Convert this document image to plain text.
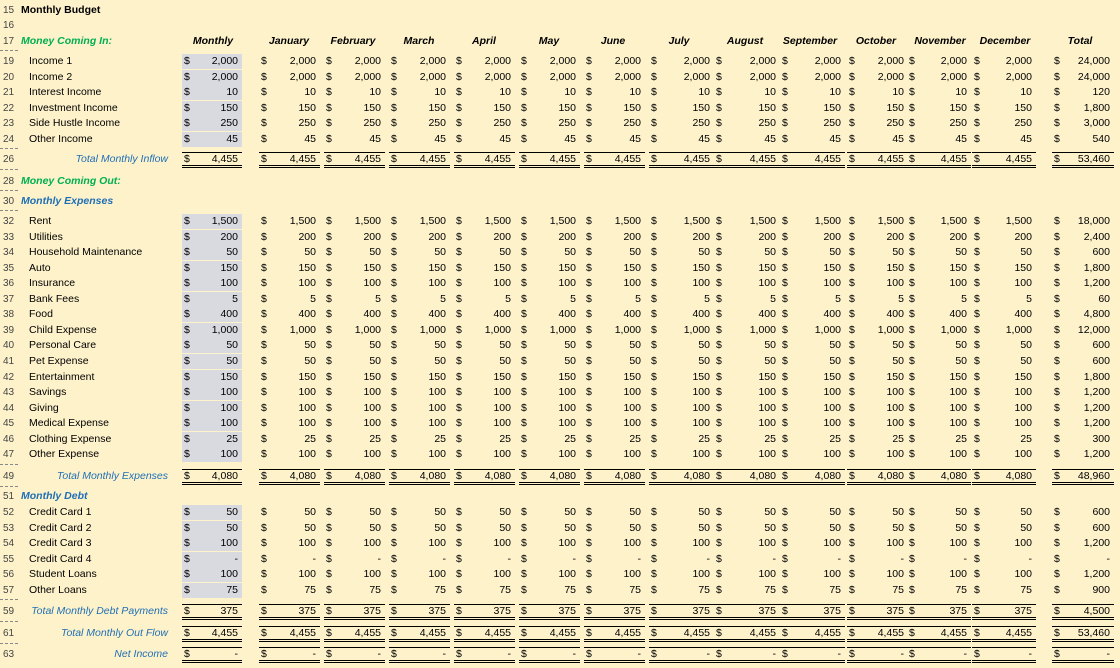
15 Monthly Budget
16
17 Money Coming In:	Monthly	January	February	March	April	May	June	July	August	September	October	November	December	Total
19	Income 1	$ 2,000 $ 2,000 $ 2,000 $ 2,000 $ 2,000 $ 2,000 $ 2,000 $	2,000 $	2,000 $	2,000 $ 2,000 $ 2,000 $ 2,000 $ 24,000
20	Income 2	$ 2,000 $ 2,000 $ 2,000 $ 2,000 $ 2,000 $ 2,000 $ 2,000 $	2,000 $	2,000 $	2,000 $ 2,000 $ 2,000 $ 2,000 $ 24,000
21	Interest Income	$	10 $	10 $	10 $	10 $	10 $	10 $	10 $	10 $	10 $	10 $	10 $	10 $	10 $	120
22	Investment Income	$	150 $	150 $	150 $	150 $	150 $	150 $	150 $	150 $	150 $	150 $	150 $	150 $	150 $ 1,800
23	Side Hustle Income	$	250 $	250 $	250 $	250 $	250 $	250 $	250 $	250 $	250 $	250 $	250 $	250 $	250 $ 3,000
24	Other Income	$	45 $	45 $	45 $	45 $	45 $	45 $	45 $	45 $	45 $	45 $	45 $	45 $	45 $	540
26	Total Monthly Inflow $ 4,455 $ 4,455 $ 4,455 $ 4,455 $ 4,455 $ 4,455 $ 4,455 $	4,455 $	4,455 $	4,455 $ 4,455 $ 4,455 $ 4,455 $ 53,460
28 Money Coming Out:
30 Monthly Expenses
32	Rent	$ 1,500 $ 1,500 $ 1,500 $ 1,500 $ 1,500 $ 1,500 $ 1,500 $	1,500 $	1,500 $	1,500 $ 1,500 $ 1,500 $ 1,500 $ 18,000
33	Utilities	$	200 $	200 $	200 $	200 $	200 $	200 $	200 $	200 $	200 $	200 $	200 $	200 $	200 $ 2,400
34	Household Maintenance	$	50 $	50 $	50 $	50 $	50 $	50 $	50 $	50 $	50 $	50 $	50 $	50 $	50 $	600
35	Auto	$	150 $	150 $	150 $	150 $	150 $	150 $	150 $	150 $	150 $	150 $	150 $	150 $	150 $ 1,800
36	Insurance	$	100 $	100 $	100 $	100 $	100 $	100 $	100 $	100 $	100 $	100 $	100 $	100 $	100 $ 1,200
37	Bank Fees	$	5 $	5 $	5 $	5 $	5 $	5 $	5 $	5 $	5 $	5 $	5 $	5 $	5 $	60
38	Food	$	400 $	400 $	400 $	400 $	400 $	400 $	400 $	400 $	400 $	400 $	400 $	400 $	400 $ 4,800
39	Child Expense	$ 1,000 $ 1,000 $ 1,000 $ 1,000 $ 1,000 $ 1,000 $ 1,000 $	1,000 $	1,000 $	1,000 $ 1,000 $ 1,000 $ 1,000 $ 12,000
40	Personal Care	$	50 $	50 $	50 $	50 $	50 $	50 $	50 $	50 $	50 $	50 $	50 $	50 $	50 $	600
41	Pet Expense	$	50 $	50 $	50 $	50 $	50 $	50 $	50 $	50 $	50 $	50 $	50 $	50 $	50 $	600
42	Entertainment	$	150 $	150 $	150 $	150 $	150 $	150 $	150 $	150 $	150 $	150 $	150 $	150 $	150 $ 1,800
43	Savings	$	100 $	100 $	100 $	100 $	100 $	100 $	100 $	100 $	100 $	100 $	100 $	100 $	100 $ 1,200
44	Giving	$	100 $	100 $	100 $	100 $	100 $	100 $	100 $	100 $	100 $	100 $	100 $	100 $	100 $ 1,200
45	Medical Expense	$	100 $	100 $	100 $	100 $	100 $	100 $	100 $	100 $	100 $	100 $	100 $	100 $	100 $ 1,200
46	Clothing Expense	$	25 $	25 $	25 $	25 $	25 $	25 $	25 $	25 $	25 $	25 $	25 $	25 $	25 $	300
47	Other Expense	$	100 $	100 $	100 $	100 $	100 $	100 $	100 $	100 $	100 $	100 $	100 $	100 $	100 $ 1,200
49	Total Monthly Expenses $ 4,080 $ 4,080 $ 4,080 $ 4,080 $ 4,080 $ 4,080 $ 4,080 $	4,080 $	4,080 $	4,080 $ 4,080 $ 4,080 $ 4,080 $ 48,960
51 Monthly Debt
52	Credit Card 1	$	50 $	50 $	50 $	50 $	50 $	50 $	50 $	50 $	50 $	50 $	50 $	50 $	50 $	600
53	Credit Card 2	$	50 $	50 $	50 $	50 $	50 $	50 $	50 $	50 $	50 $	50 $	50 $	50 $	50 $	600
54	Credit Card 3	$	100 $	100 $	100 $	100 $	100 $	100 $	100 $	100 $	100 $	100 $	100 $	100 $	100 $ 1,200
55	Credit Card 4	$	- $	- $	- $	- $	- $	- $	- $	- $	- $	- $	- $	- $	- $	-
56	Student Loans	$	100 $	100 $	100 $	100 $	100 $	100 $	100 $	100 $	100 $	100 $	100 $	100 $	100 $ 1,200
57	Other Loans	$	75 $	75 $	75 $	75 $	75 $	75 $	75 $	75 $	75 $	75 $	75 $	75 $	75 $	900
59	Total Monthly Debt Payments $	375 $	375 $	375 $	375 $	375 $	375 $	375 $	375 $	375 $	375 $	375 $	375 $	375 $ 4,500
61	Total Monthly Out Flow $ 4,455 $ 4,455 $ 4,455 $ 4,455 $ 4,455 $ 4,455 $ 4,455 $	4,455 $	4,455 $	4,455 $ 4,455 $ 4,455 $ 4,455 $ 53,460
63	Net Income $	- $	- $	- $	- $	- $	- $	- $	- $	- $	- $	- $	- $	- $	-
